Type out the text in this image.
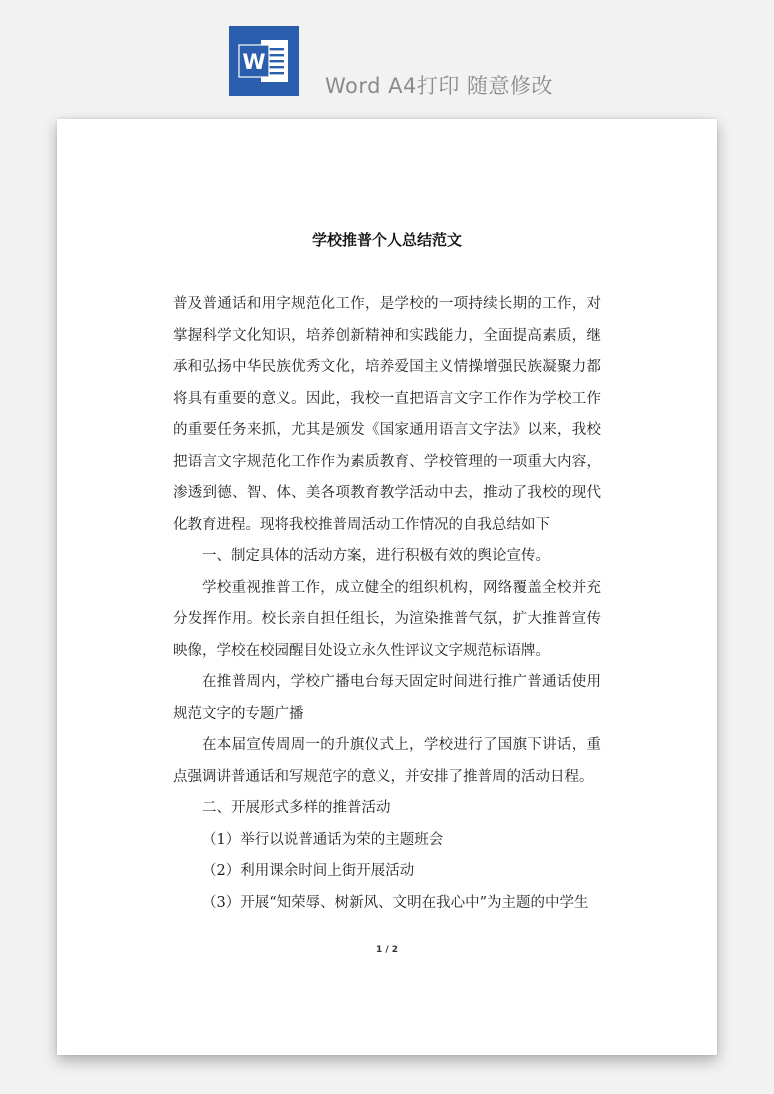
W
Word A4打印 随意修改
学校推普个人总结范文

普及普通话和用字规范化工作，是学校的一项持续长期的工作，对掌握科学文化知识，培养创新精神和实践能力，全面提高素质，继承和弘扬中华民族优秀文化，培养爱国主义情操增强民族凝聚力都将具有重要的意义。因此，我校一直把语言文字工作作为学校工作的重要任务来抓，尤其是颁发《国家通用语言文字法》以来，我校把语言文字规范化工作作为素质教育、学校管理的一项重大内容，渗透到德、智、体、美各项教育教学活动中去，推动了我校的现代化教育进程。现将我校推普周活动工作情况的自我总结如下

一、制定具体的活动方案，进行积极有效的舆论宣传。

学校重视推普工作，成立健全的组织机构，网络覆盖全校并充分发挥作用。校长亲自担任组长，为渲染推普气氛，扩大推普宣传映像，学校在校园醒目处设立永久性评议文字规范标语牌。

在推普周内，学校广播电台每天固定时间进行推广普通话使用规范文字的专题广播

在本届宣传周周一的升旗仪式上，学校进行了国旗下讲话，重点强调讲普通话和写规范字的意义，并安排了推普周的活动日程。

二、开展形式多样的推普活动

（1）举行以说普通话为荣的主题班会

（2）利用课余时间上街开展活动

（3）开展“知荣辱、树新风、文明在我心中”为主题的中学生

1 / 2
